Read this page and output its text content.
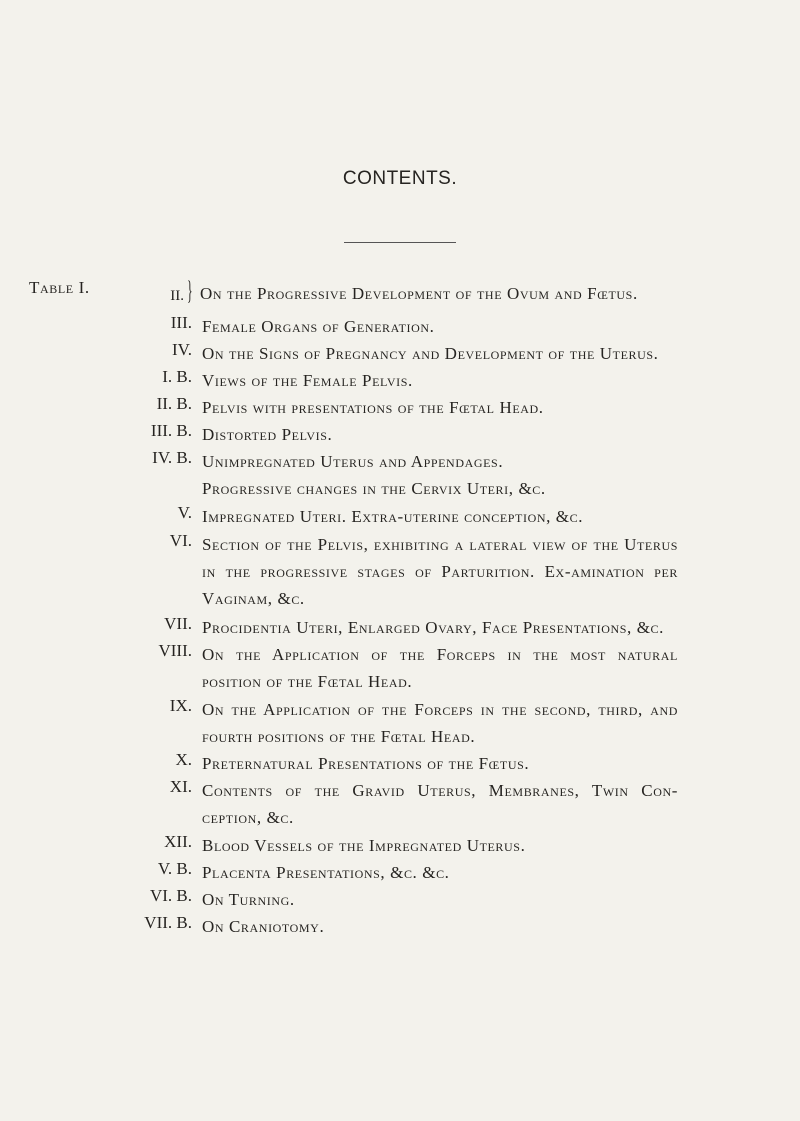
CONTENTS.
Table I.	II. } On the Progressive Development of the Ovum and Fœtus.
III. Female Organs of Generation.
IV. On the Signs of Pregnancy and Development of the Uterus.
I. B. Views of the Female Pelvis.
II. B. Pelvis with presentations of the Fœtal Head.
III. B. Distorted Pelvis.
IV. B. Unimpregnated Uterus and Appendages.
Progressive changes in the Cervix Uteri, &c.
V. Impregnated Uteri. Extra-uterine conception, &c.
VI. Section of the Pelvis, exhibiting a lateral view of the Uterus in the progressive stages of Parturition. Ex-amination per Vaginam, &c.
VII. Procidentia Uteri, Enlarged Ovary, Face Presentations, &c.
VIII. On the Application of the Forceps in the most natural position of the Fœtal Head.
IX. On the Application of the Forceps in the second, third, and fourth positions of the Fœtal Head.
X. Preternatural Presentations of the Fœtus.
XI. Contents of the Gravid Uterus, Membranes, Twin Con-ception, &c.
XII. Blood Vessels of the Impregnated Uterus.
V. B. Placenta Presentations, &c. &c.
VI. B. On Turning.
VII. B. On Craniotomy.
